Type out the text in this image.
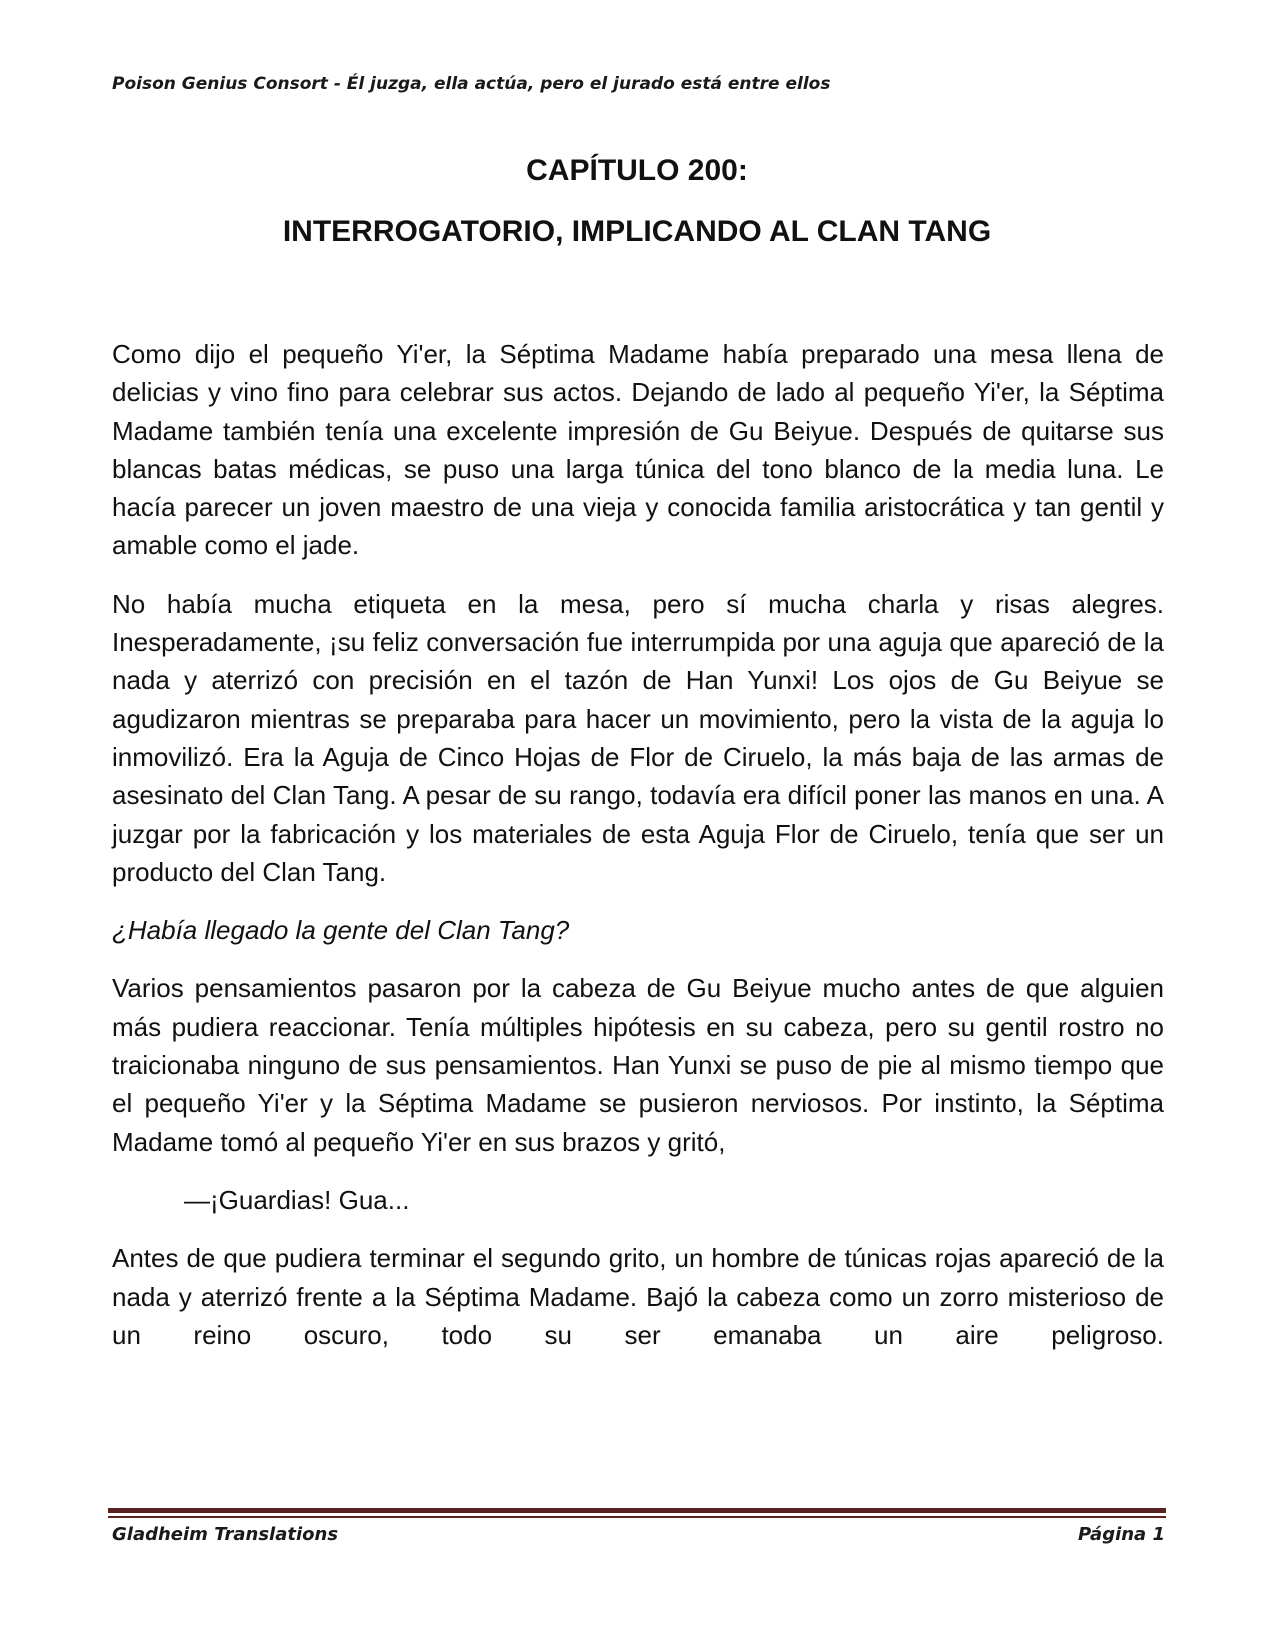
Poison Genius Consort - Él juzga, ella actúa, pero el jurado está entre ellos
CAPÍTULO 200:
INTERROGATORIO, IMPLICANDO AL CLAN TANG

Como dijo el pequeño Yi'er, la Séptima Madame había preparado una mesa llena de delicias y vino fino para celebrar sus actos. Dejando de lado al pequeño Yi'er, la Séptima Madame también tenía una excelente impresión de Gu Beiyue. Después de quitarse sus blancas batas médicas, se puso una larga túnica del tono blanco de la media luna. Le hacía parecer un joven maestro de una vieja y conocida familia aristocrática y tan gentil y amable como el jade.

No había mucha etiqueta en la mesa, pero sí mucha charla y risas alegres. Inesperadamente, ¡su feliz conversación fue interrumpida por una aguja que apareció de la nada y aterrizó con precisión en el tazón de Han Yunxi! Los ojos de Gu Beiyue se agudizaron mientras se preparaba para hacer un movimiento, pero la vista de la aguja lo inmovilizó. Era la Aguja de Cinco Hojas de Flor de Ciruelo, la más baja de las armas de asesinato del Clan Tang. A pesar de su rango, todavía era difícil poner las manos en una. A juzgar por la fabricación y los materiales de esta Aguja Flor de Ciruelo, tenía que ser un producto del Clan Tang.

¿Había llegado la gente del Clan Tang?

Varios pensamientos pasaron por la cabeza de Gu Beiyue mucho antes de que alguien más pudiera reaccionar. Tenía múltiples hipótesis en su cabeza, pero su gentil rostro no traicionaba ninguno de sus pensamientos. Han Yunxi se puso de pie al mismo tiempo que el pequeño Yi'er y la Séptima Madame se pusieron nerviosos. Por instinto, la Séptima Madame tomó al pequeño Yi'er en sus brazos y gritó,

—¡Guardias! Gua...

Antes de que pudiera terminar el segundo grito, un hombre de túnicas rojas apareció de la nada y aterrizó frente a la Séptima Madame. Bajó la cabeza como un zorro misterioso de un reino oscuro, todo su ser emanaba un aire peligroso.

Gladheim Translations	Página 1
